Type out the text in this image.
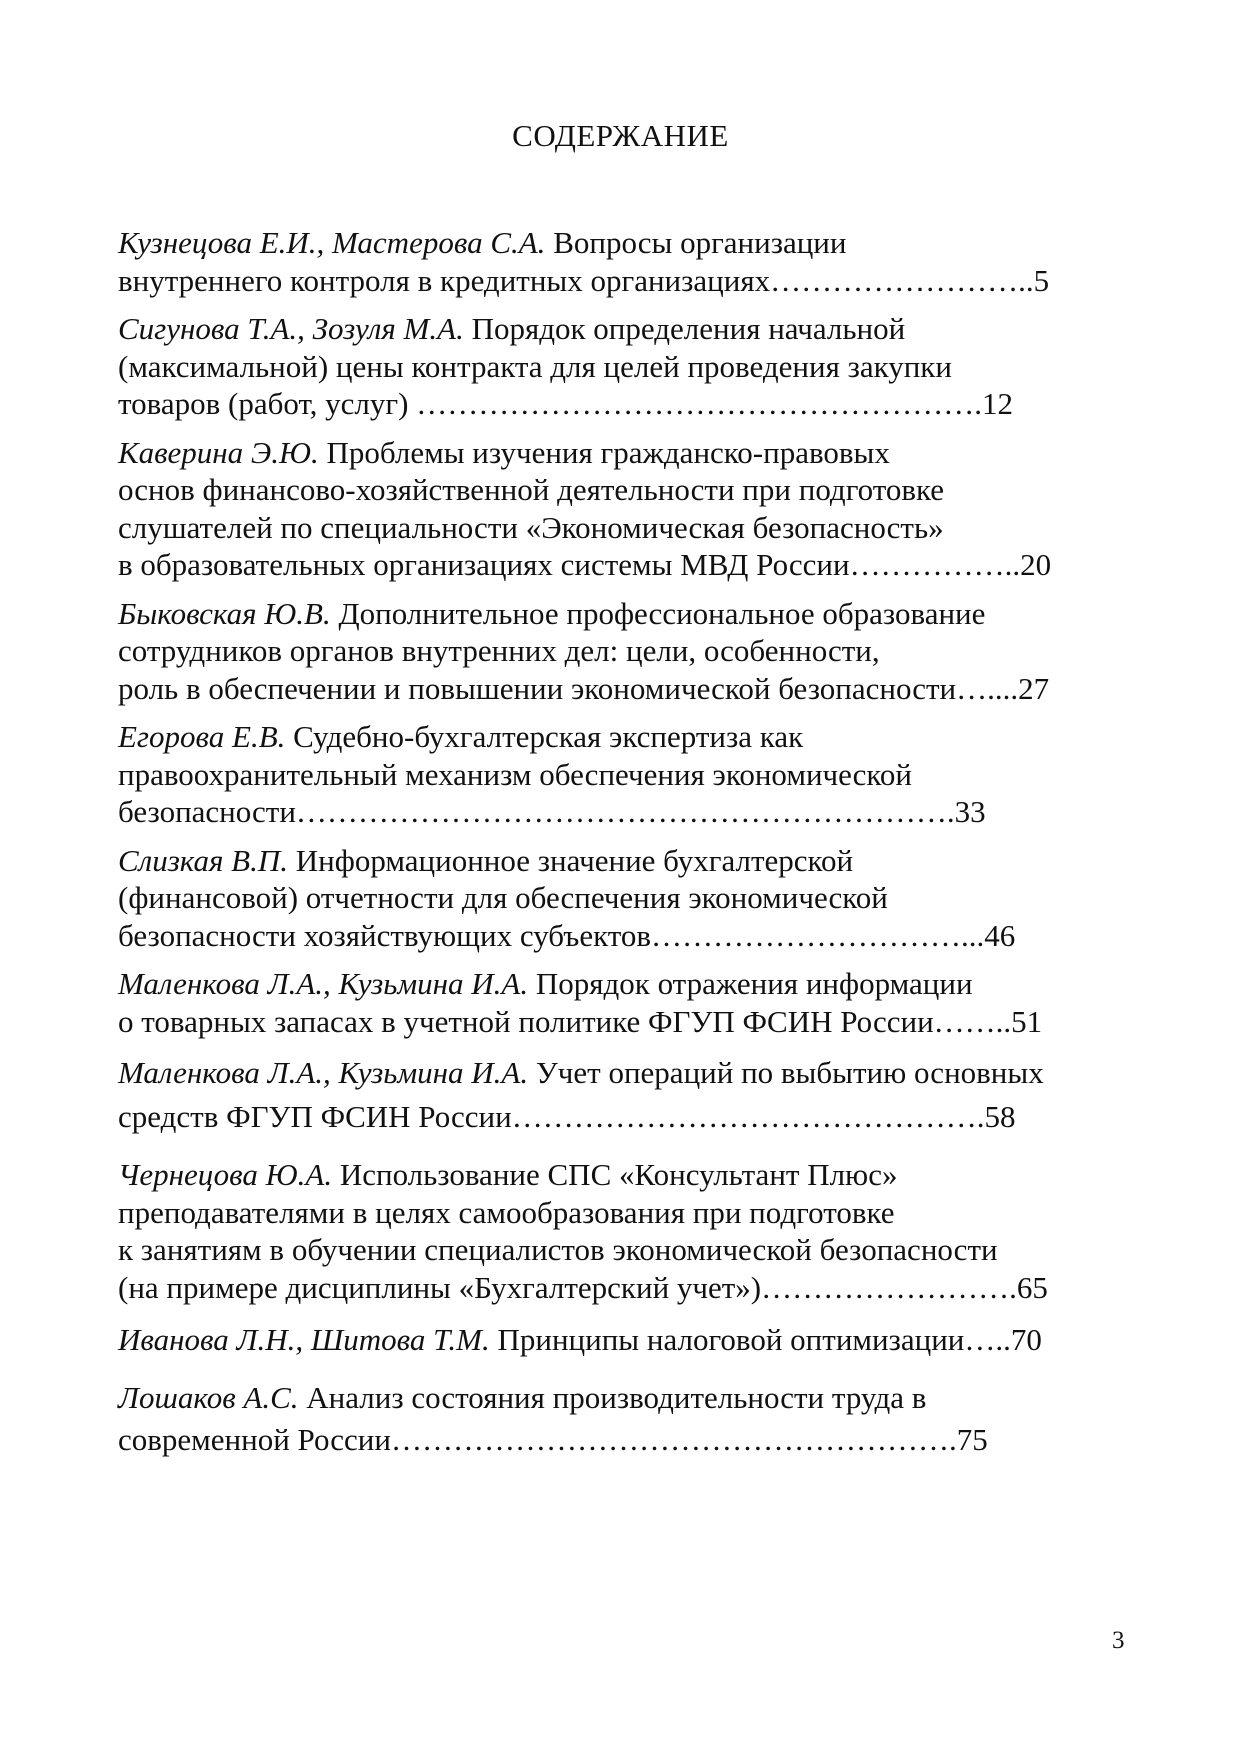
СОДЕРЖАНИЕ
Кузнецова Е.И., Мастерова С.А. Вопросы организации
внутреннего контроля в кредитных организациях……………………..5
Сигунова Т.А., Зозуля М.А. Порядок определения начальной
(максимальной) цены контракта для целей проведения закупки
товаров (работ, услуг) ……………………………………………….12
Каверина Э.Ю. Проблемы изучения гражданско-правовых
основ финансово-хозяйственной деятельности при подготовке
слушателей по специальности «Экономическая безопасность»
в образовательных организациях системы МВД России……………..20
Быковская Ю.В. Дополнительное профессиональное образование
сотрудников органов внутренних дел: цели, особенности,
роль в обеспечении и повышении экономической безопасности…....27
Егорова Е.В. Судебно-бухгалтерская экспертиза как
правоохранительный механизм обеспечения экономической
безопасности……………………………………………………….33
Слизкая В.П. Информационное значение бухгалтерской
(финансовой) отчетности для обеспечения экономической
безопасности хозяйствующих субъектов…………………………...46
Маленкова Л.А., Кузьмина И.А. Порядок отражения информации
о товарных запасах в учетной политике ФГУП ФСИН России……..51
Маленкова Л.А., Кузьмина И.А. Учет операций по выбытию основных
средств ФГУП ФСИН России……………………………………….58
Чернецова Ю.А. Использование СПС «Консультант Плюс»
преподавателями в целях самообразования при подготовке
к занятиям в обучении специалистов экономической безопасности
(на примере дисциплины «Бухгалтерский учет»)…………………….65
Иванова Л.Н., Шитова Т.М. Принципы налоговой оптимизации…..70
Лошаков А.С. Анализ состояния производительности труда в
современной России……………………………………………….75
3
